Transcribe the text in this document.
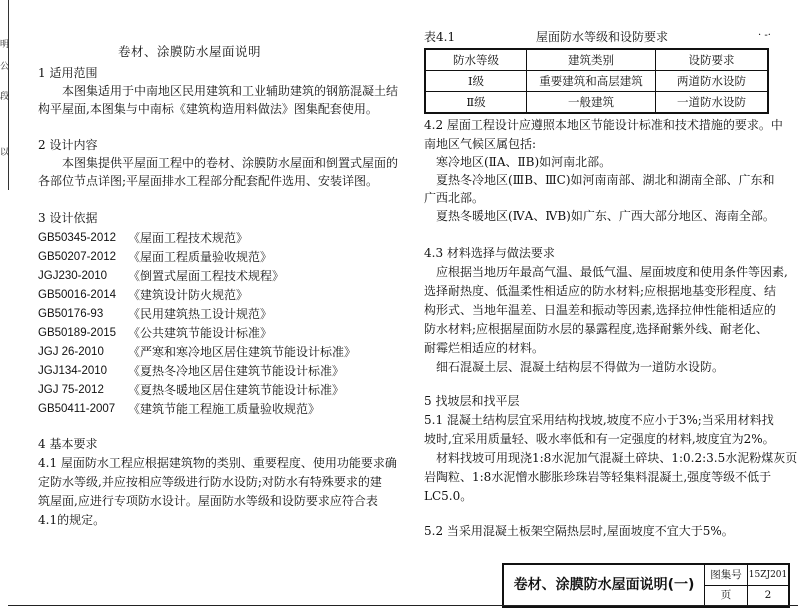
明
公
段
以
卷材、涂膜防水屋面说明
1 适用范围
本图集适用于中南地区民用建筑和工业辅助建筑的钢筋混凝土结
构平屋面,本图集与中南标《建筑构造用料做法》图集配套使用。
2 设计内容
本图集提供平屋面工程中的卷材、涂膜防水屋面和倒置式屋面的
各部位节点详图;平屋面排水工程部分配套配件选用、安装详图。
3 设计依据
GB50345-2012 《屋面工程技术规范》
GB50207-2012 《屋面工程质量验收规范》
JGJ230-2010 《倒置式屋面工程技术规程》
GB50016-2014 《建筑设计防火规范》
GB50176-93 《民用建筑热工设计规范》
GB50189-2015 《公共建筑节能设计标准》
JGJ 26-2010 《严寒和寒冷地区居住建筑节能设计标准》
JGJ134-2010 《夏热冬冷地区居住建筑节能设计标准》
JGJ 75-2012 《夏热冬暖地区居住建筑节能设计标准》
GB50411-2007 《建筑节能工程施工质量验收规范》
4 基本要求
4.1 屋面防水工程应根据建筑物的类别、重要程度、使用功能要求确
定防水等级,并应按相应等级进行防水设防;对防水有特殊要求的建
筑屋面,应进行专项防水设计。屋面防水等级和设防要求应符合表
4.1的规定。
表4.1	屋面防水等级和设防要求	· -·
防水等级	建筑类别	设防要求
Ⅰ级	重要建筑和高层建筑	两道防水设防
Ⅱ级	一般建筑	一道防水设防
4.2 屋面工程设计应遵照本地区节能设计标准和技术措施的要求。中
南地区气候区属包括:
寒冷地区(ⅡA、ⅡB)如河南北部。
夏热冬冷地区(ⅢB、ⅢC)如河南南部、湖北和湖南全部、广东和
广西北部。
夏热冬暖地区(ⅣA、ⅣB)如广东、广西大部分地区、海南全部。
4.3 材料选择与做法要求
应根据当地历年最高气温、最低气温、屋面坡度和使用条件等因素,
选择耐热度、低温柔性相适应的防水材料;应根据地基变形程度、结
构形式、当地年温差、日温差和振动等因素,选择拉伸性能相适应的
防水材料;应根据屋面防水层的暴露程度,选择耐紫外线、耐老化、
耐霉烂相适应的材料。
细石混凝土层、混凝土结构层不得做为一道防水设防。
5 找坡层和找平层
5.1 混凝土结构层宜采用结构找坡,坡度不应小于3%;当采用材料找
坡时,宜采用质量轻、吸水率低和有一定强度的材料,坡度宜为2%。
材料找坡可用现浇1:8水泥加气混凝土碎块、1:0.2:3.5水泥粉煤灰页
岩陶粒、1:8水泥憎水膨胀珍珠岩等轻集料混凝土,强度等级不低于
LC5.0。
5.2 当采用混凝土板架空隔热层时,屋面坡度不宜大于5%。
卷材、涂膜防水屋面说明(一)
图集号 15ZJ201
页	2
